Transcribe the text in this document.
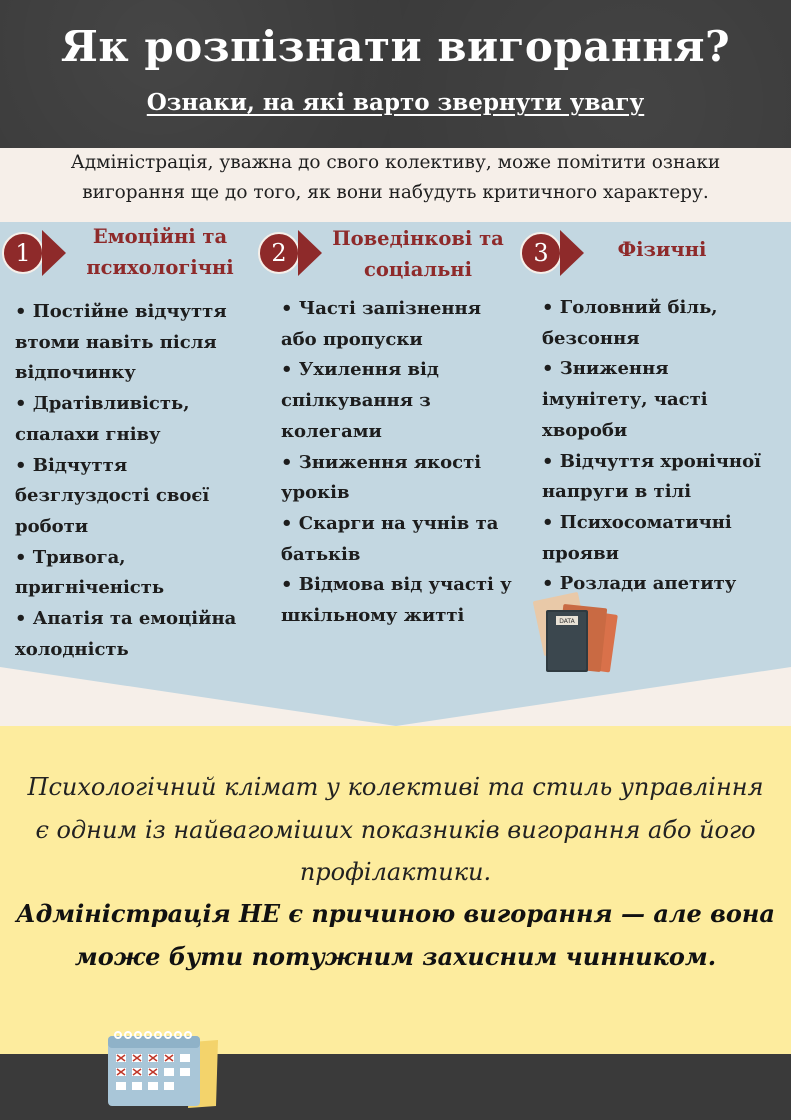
Як розпізнати вигорання?
Ознаки, на які варто звернути увагу
Адміністрація, уважна до свого колективу, може помітити ознаки
вигорання ще до того, як вони набудуть критичного характеру.
1
Емоційні та
психологічні
2
Поведінкові та
соціальні
3	Фізичні
• Постійне відчуття
втоми навіть після
відпочинку
• Дратівливість,
спалахи гніву
• Відчуття
безглуздості своєї
роботи
• Тривога,
пригніченість
• Апатія та емоційна
холодність
• Часті запізнення
або пропуски
• Ухилення від
спілкування з
колегами
• Зниження якості
уроків
• Скарги на учнів та
батьків
• Відмова від участі у
шкільному житті
• Головний біль,
безсоння
• Зниження
імунітету, часті
хвороби
• Відчуття хронічної
напруги в тілі
• Психосоматичні
прояви
• Розлади апетиту
DATA
Психологічний клімат у колективі та стиль управління
є одним із найвагоміших показників вигорання або його
профілактики.
Адміністрація НЕ є причиною вигорання — але вона
може бути потужним захисним чинником.
